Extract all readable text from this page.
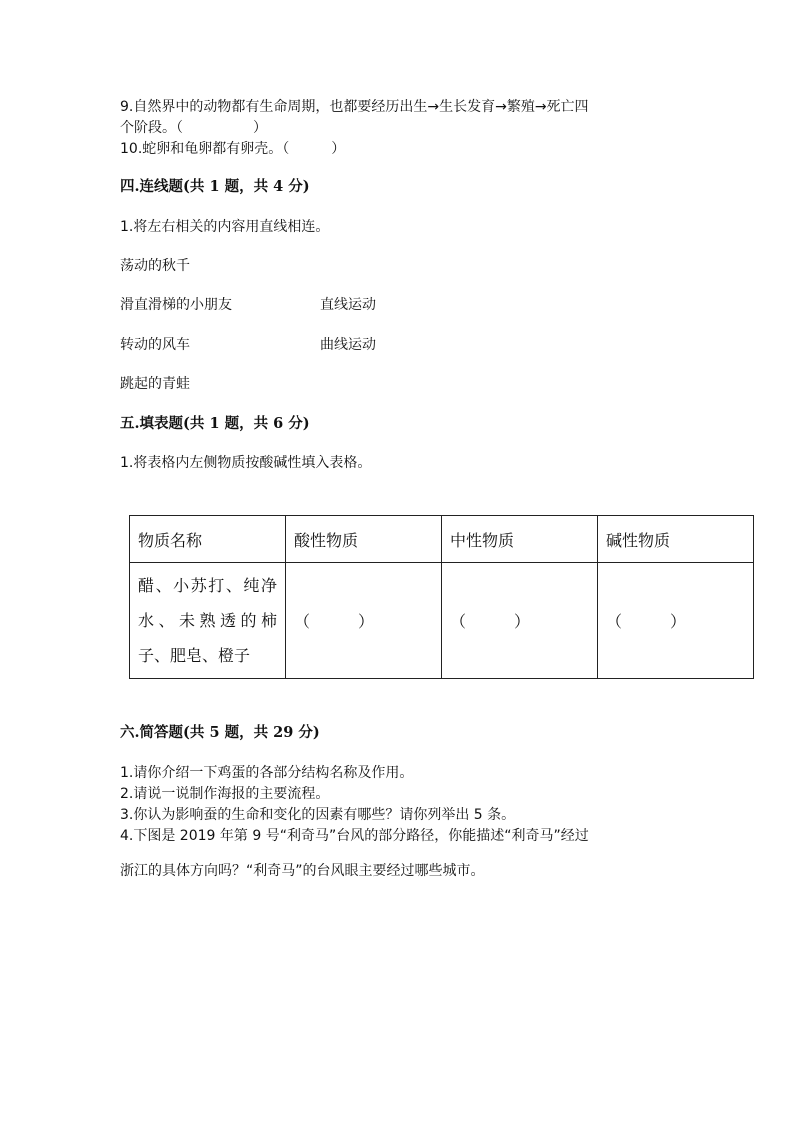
9.自然界中的动物都有生命周期，也都要经历出生→生长发育→繁殖→死亡四
个阶段。（　　　　　）
10.蛇卵和龟卵都有卵壳。（　　　）
四.连线题(共 1 题，共 4 分)
1.将左右相关的内容用直线相连。
荡动的秋千
滑直滑梯的小朋友	直线运动
转动的风车	曲线运动
跳起的青蛙
五.填表题(共 1 题，共 6 分)
1.将表格内左侧物质按酸碱性填入表格。
物质名称	酸性物质	中性物质	碱性物质
醋、小苏打、纯净水、未熟透的柿子、肥皂、橙子	（　　　）	（　　　）	（　　　）
六.简答题(共 5 题，共 29 分)
1.请你介绍一下鸡蛋的各部分结构名称及作用。
2.请说一说制作海报的主要流程。
3.你认为影响蚕的生命和变化的因素有哪些？请你列举出 5 条。
4.下图是 2019 年第 9 号“利奇马”台风的部分路径，你能描述“利奇马”经过
浙江的具体方向吗？“利奇马”的台风眼主要经过哪些城市。
